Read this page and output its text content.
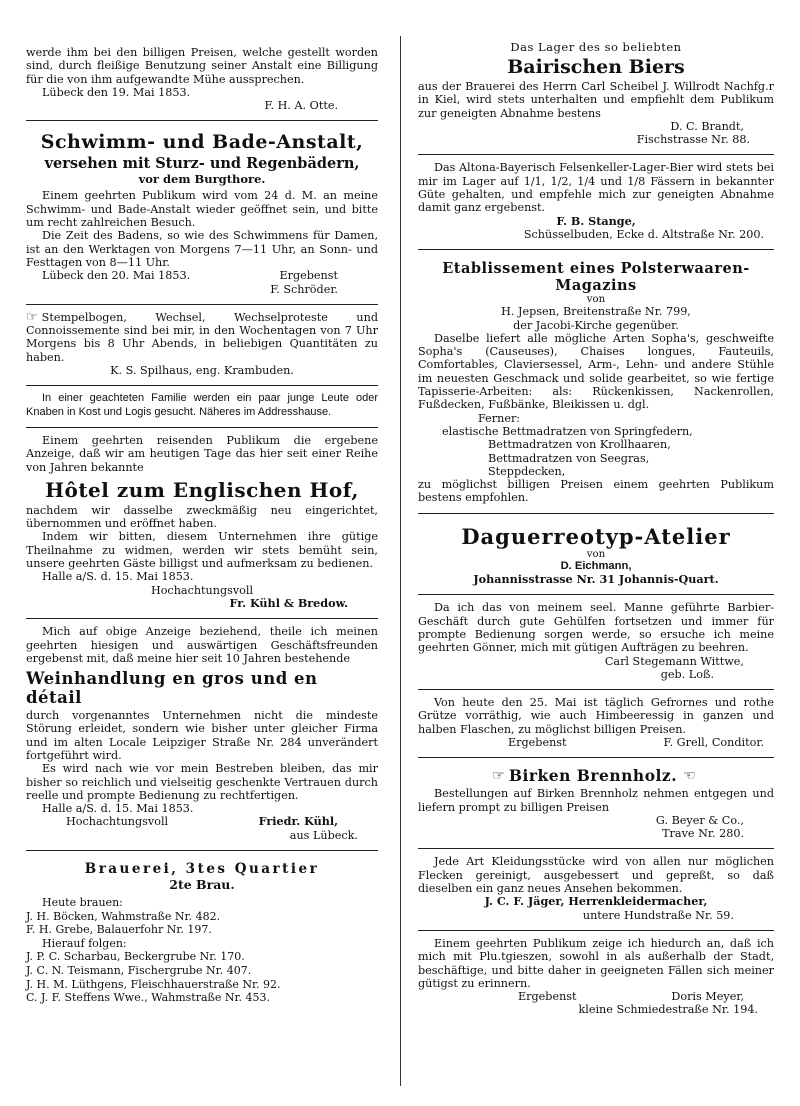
werde ihm bei den billigen Preisen, welche gestellt worden sind, durch fleißige Benutzung seiner Anstalt eine Billigung für die von ihm aufgewandte Mühe aussprechen.

Lübeck den 19. Mai 1853.

F. H. A. Otte.

Schwimm- und Bade-Anstalt,
versehen mit Sturz- und Regenbädern,
vor dem Burgthore.

Einem geehrten Publikum wird vom 24 d. M. an meine Schwimm- und Bade-Anstalt wieder geöffnet sein, und bitte um recht zahlreichen Besuch.

Die Zeit des Badens, so wie des Schwimmens für Damen, ist an den Werktagen von Morgens 7—11 Uhr, an Sonn- und Festtagen von 8—11 Uhr.

Lübeck den 20. Mai 1853.	Ergebenst

F. Schröder.

☞ Stempelbogen, Wechsel, Wechselproteste und Connoissemente sind bei mir, in den Wochentagen von 7 Uhr Morgens bis 8 Uhr Abends, in beliebigen Quantitäten zu haben.

K. S. Spilhaus, eng. Krambuden.

In einer geachteten Familie werden ein paar junge Leute oder Knaben in Kost und Logis gesucht. Näheres im Addresshause.

Einem geehrten reisenden Publikum die ergebene Anzeige, daß wir am heutigen Tage das hier seit einer Reihe von Jahren bekannte

Hôtel zum Englischen Hof,

nachdem wir dasselbe zweckmäßig neu eingerichtet, übernommen und eröffnet haben.

Indem wir bitten, diesem Unternehmen ihre gütige Theilnahme zu widmen, werden wir stets bemüht sein, unsere geehrten Gäste billigst und aufmerksam zu bedienen.

Halle a/S. d. 15. Mai 1853.

Hochachtungsvoll

Fr. Kühl & Bredow.

Mich auf obige Anzeige beziehend, theile ich meinen geehrten hiesigen und auswärtigen Geschäftsfreunden ergebenst mit, daß meine hier seit 10 Jahren bestehende

Weinhandlung en gros und en détail

durch vorgenanntes Unternehmen nicht die mindeste Störung erleidet, sondern wie bisher unter gleicher Firma und im alten Locale Leipziger Straße Nr. 284 unverändert fortgeführt wird.

Es wird nach wie vor mein Bestreben bleiben, das mir bisher so reichlich und vielseitig geschenkte Vertrauen durch reelle und prompte Bedienung zu rechtfertigen.

Halle a/S. d. 15. Mai 1853.

Hochachtungsvoll	Friedr. Kühl,

aus Lübeck.

Brauerei, 3tes Quartier
2te Brau.

Heute brauen:

J. H. Böcken, Wahmstraße Nr. 482.

F. H. Grebe, Balauerfohr Nr. 197.

Hierauf folgen:

J. P. C. Scharbau, Beckergrube Nr. 170.

J. C. N. Teismann, Fischergrube Nr. 407.

J. H. M. Lüthgens, Fleischhauerstraße Nr. 92.

C. J. F. Steffens Wwe., Wahmstraße Nr. 453.

Das Lager des so beliebten
Bairischen Biers

aus der Brauerei des Herrn Carl Scheibel J. Willrodt Nachfg.r in Kiel, wird stets unterhalten und empfiehlt dem Publikum zur geneigten Abnahme bestens

D. C. Brandt,

Fischstrasse Nr. 88.

Das Altona-Bayerisch Felsenkeller-Lager-Bier wird stets bei mir im Lager auf 1/1, 1/2, 1/4 und 1/8 Fässern in bekannter Güte gehalten, und empfehle mich zur geneigten Abnahme damit ganz ergebenst.

F. B. Stange,

Schüsselbuden, Ecke d. Altstraße Nr. 200.

Etablissement eines Polsterwaaren-Magazins
von

H. Jepsen, Breitenstraße Nr. 799,

der Jacobi-Kirche gegenüber.

Daselbe liefert alle mögliche Arten Sopha's, geschweifte Sopha's (Causeuses), Chaises longues, Fauteuils, Comfortables, Claviersessel, Arm-, Lehn- und andere Stühle im neuesten Geschmack und solide gearbeitet, so wie fertige Tapisserie-Arbeiten: als: Rückenkissen, Nackenrollen, Fußdecken, Fußbänke, Bleikissen u. dgl.

Ferner:

elastische Bettmadratzen von Springfedern,

Bettmadratzen von Krollhaaren,

Bettmadratzen von Seegras,

Steppdecken,

zu möglichst billigen Preisen einem geehrten Publikum bestens empfohlen.

Daguerreotyp-Atelier
von

D. Eichmann,

Johannisstrasse Nr. 31 Johannis-Quart.

Da ich das von meinem seel. Manne geführte Barbier-Geschäft durch gute Gehülfen fortsetzen und immer für prompte Bedienung sorgen werde, so ersuche ich meine geehrten Gönner, mich mit gütigen Aufträgen zu beehren.

Carl Stegemann Wittwe,

geb. Loß.

Von heute den 25. Mai ist täglich Gefrornes und rothe Grütze vorräthig, wie auch Himbeeressig in ganzen und halben Flaschen, zu möglichst billigen Preisen.

Ergebenst	F. Grell, Conditor.
☞ Birken Brennholz. ☜

Bestellungen auf Birken Brennholz nehmen entgegen und liefern prompt zu billigen Preisen

G. Beyer & Co.,

Trave Nr. 280.

Jede Art Kleidungsstücke wird von allen nur möglichen Flecken gereinigt, ausgebessert und gepreßt, so daß dieselben ein ganz neues Ansehen bekommen.

J. C. F. Jäger, Herrenkleidermacher,

untere Hundstraße Nr. 59.

Einem geehrten Publikum zeige ich hiedurch an, daß ich mich mit Plu.tgieszen, sowohl in als außerhalb der Stadt, beschäftige, und bitte daher in geeigneten Fällen sich meiner gütigst zu erinnern.

Ergebenst	Doris Meyer,

kleine Schmiedestraße Nr. 194.
